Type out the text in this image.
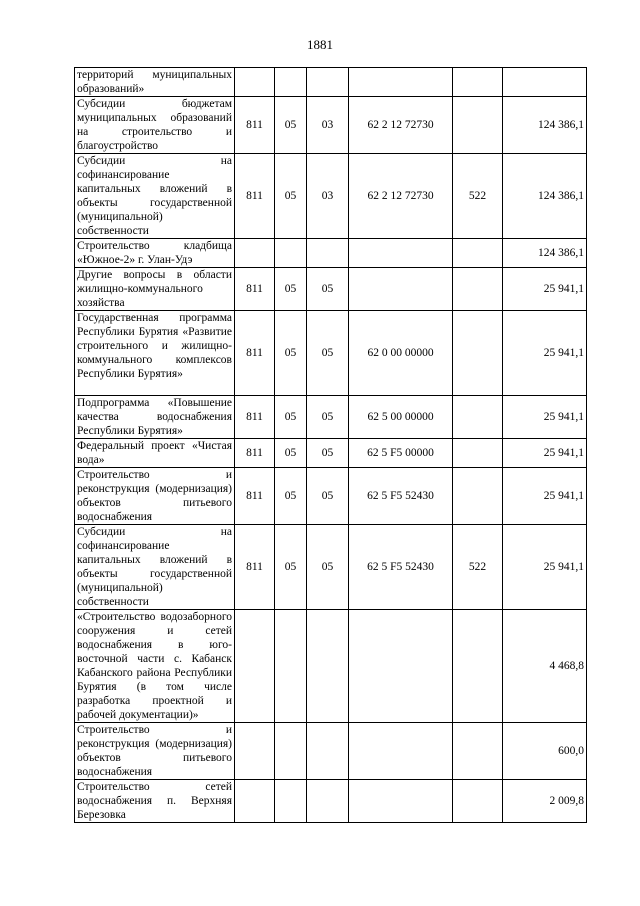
1881
территорий муниципальных образований»						
Субсидии бюджетам муниципальных образований на строительство и благоустройство	811	05	03	62 2 12 72730		124 386,1
Субсидии на софинансирование капитальных вложений в объекты государственной (муниципальной) собственности	811	05	03	62 2 12 72730	522	124 386,1
Строительство кладбища «Южное-2» г. Улан-Удэ						124 386,1
Другие вопросы в области жилищно-коммунального хозяйства	811	05	05			25 941,1
Государственная программа Республики Бурятия «Развитие строительного и жилищно-коммунального комплексов Республики Бурятия»	811	05	05	62 0 00 00000		25 941,1
Подпрограмма «Повышение качества водоснабжения Республики Бурятия»	811	05	05	62 5 00 00000		25 941,1
Федеральный проект «Чистая вода»	811	05	05	62 5 F5 00000		25 941,1
Строительство и реконструкция (модернизация) объектов питьевого водоснабжения	811	05	05	62 5 F5 52430		25 941,1
Субсидии на софинансирование капитальных вложений в объекты государственной (муниципальной) собственности	811	05	05	62 5 F5 52430	522	25 941,1
«Строительство водозаборного сооружения и сетей водоснабжения в юго-восточной части с. Кабанск Кабанского района Республики Бурятия (в том числе разработка проектной и рабочей документации)»						4 468,8
Строительство и реконструкция (модернизация) объектов питьевого водоснабжения						600,0
Строительство сетей водоснабжения п. Верхняя Березовка						2 009,8
